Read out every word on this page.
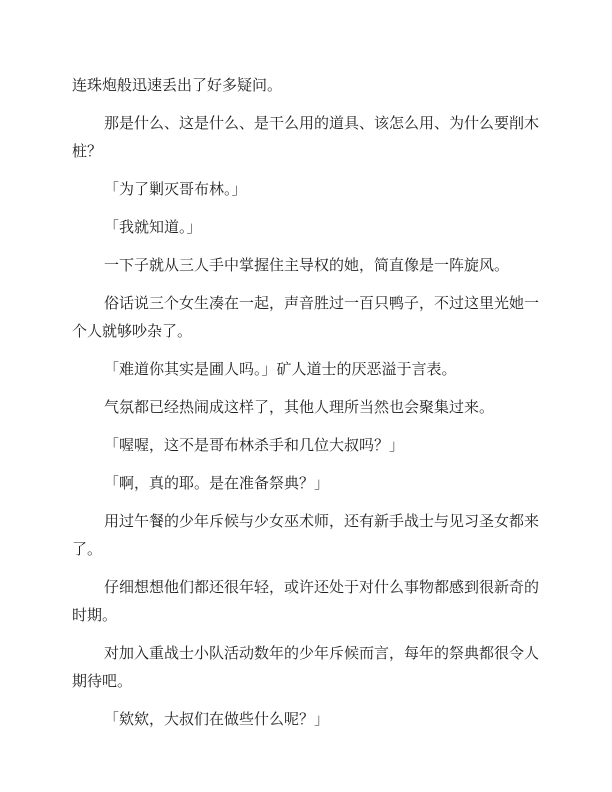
连珠炮般迅速丢出了好多疑问。
那是什么、这是什么、是干么用的道具、该怎么用、为什么要削木
桩？
「为了剿灭哥布林。」
「我就知道。」
一下子就从三人手中掌握住主导权的她，简直像是一阵旋风。
俗话说三个女生凑在一起，声音胜过一百只鸭子，不过这里光她一
个人就够吵杂了。
「难道你其实是圃人吗。」矿人道士的厌恶溢于言表。
气氛都已经热闹成这样了，其他人理所当然也会聚集过来。
「喔喔，这不是哥布林杀手和几位大叔吗？」
「啊，真的耶。是在准备祭典？」
用过午餐的少年斥候与少女巫术师，还有新手战士与见习圣女都来
了。
仔细想想他们都还很年轻，或许还处于对什么事物都感到很新奇的
时期。
对加入重战士小队活动数年的少年斥候而言，每年的祭典都很令人
期待吧。
「欸欸，大叔们在做些什么呢？」
